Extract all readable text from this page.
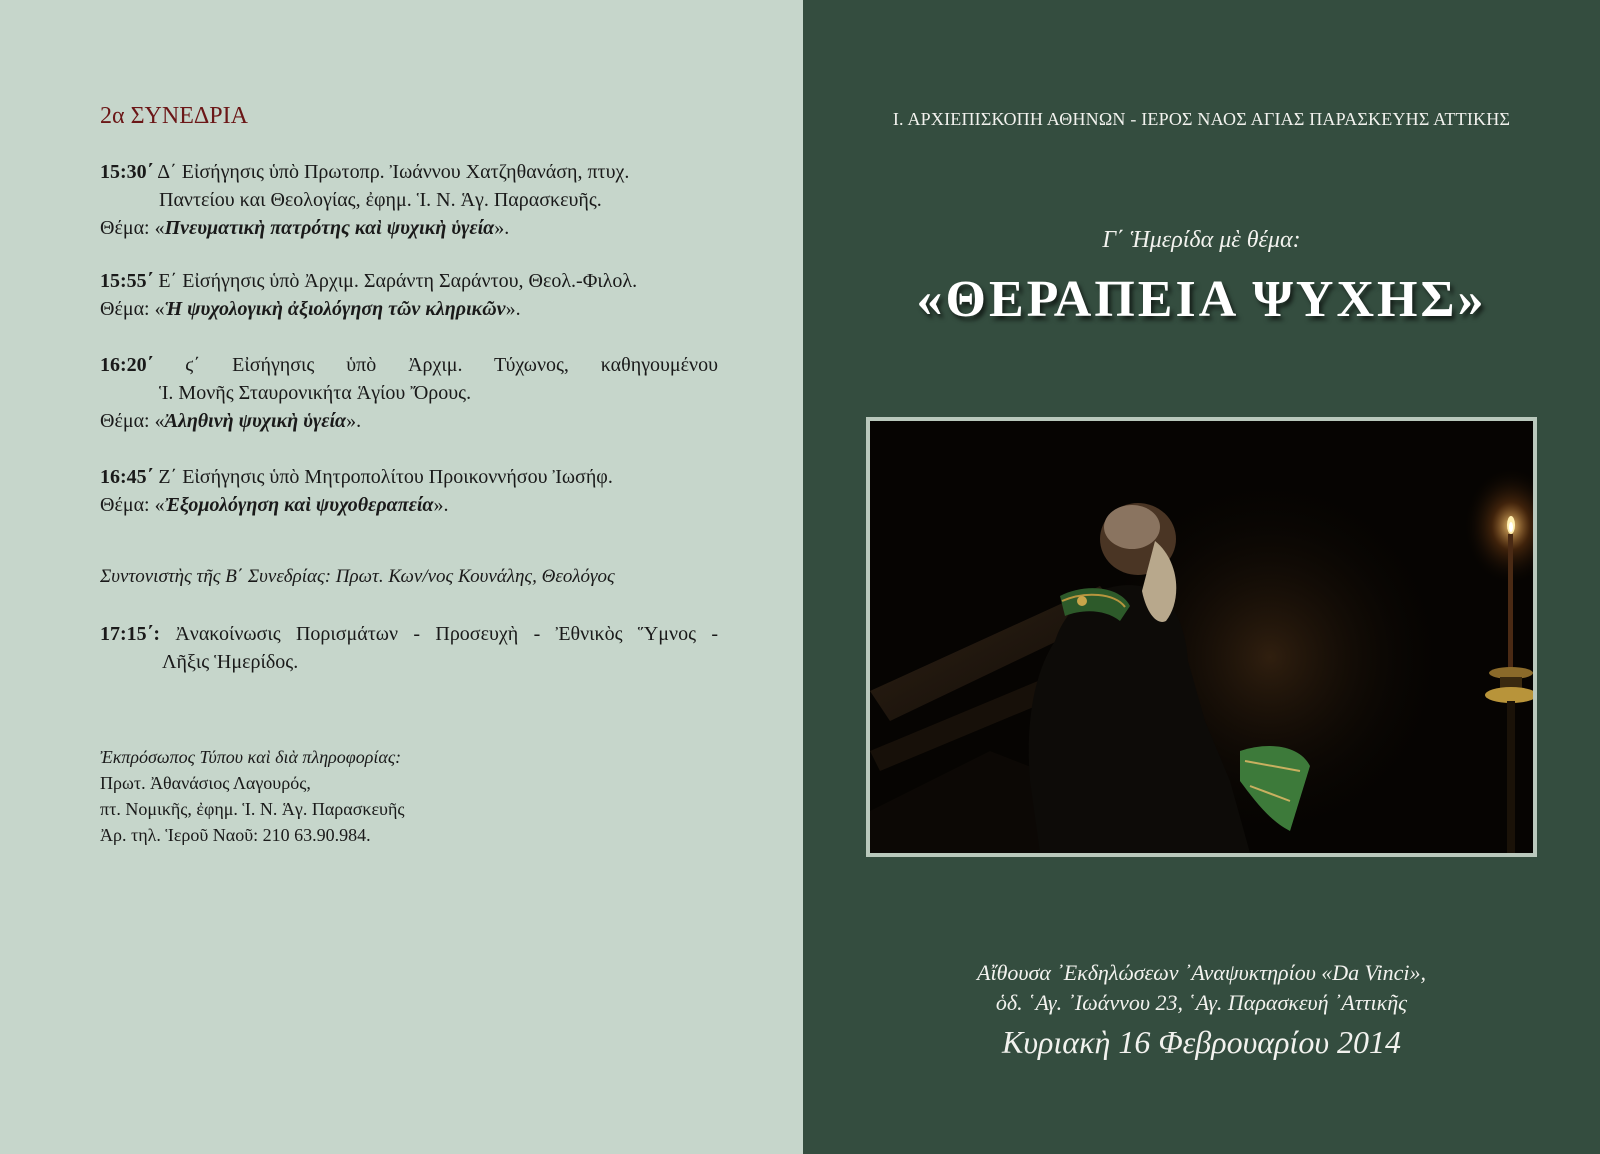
2α ΣΥΝΕΔΡΙΑ
15:30΄ Δ΄ Εἰσήγησις ὑπὸ Πρωτοπρ. Ἰωάννου Χατζηθανάση, πτυχ.
Παντείου και Θεολογίας, ἐφημ. Ἱ. Ν. Ἁγ. Παρασκευῆς.
Θέμα: «Πνευματικὴ πατρότης καὶ ψυχικὴ ὑγεία».
15:55΄ Ε΄ Εἰσήγησις ὑπὸ Ἀρχιμ. Σαράντη Σαράντου, Θεολ.-Φιλολ.
Θέμα: «Ἡ ψυχολογικὴ ἀξιολόγηση τῶν κληρικῶν».
16:20΄ ϛ΄ Εἰσήγησις ὑπὸ Ἀρχιμ. Τύχωνος, καθηγουμένου
Ἱ. Μονῆς Σταυρονικήτα Ἁγίου Ὄρους.
Θέμα: «Ἀληθινὴ ψυχικὴ ὑγεία».
16:45΄ Ζ΄ Εἰσήγησις ὑπὸ Μητροπολίτου Προικοννήσου Ἰωσήφ.
Θέμα: «Ἐξομολόγηση καὶ ψυχοθεραπεία».
Συντονιστὴς τῆς Β΄ Συνεδρίας: Πρωτ. Κων/νος Κουνάλης, Θεολόγος
17:15΄: Ἀνακοίνωσις Πορισμάτων - Προσευχὴ - Ἐθνικὸς Ὕμνος -
Λῆξις Ἡμερίδος.
Ἐκπρόσωπος Τύπου καὶ διὰ πληροφορίας:
Πρωτ. Ἀθανάσιος Λαγουρός,
πτ. Νομικῆς, ἐφημ. Ἱ. Ν. Ἁγ. Παρασκευῆς
Ἀρ. τηλ. Ἱεροῦ Ναοῦ: 210 63.90.984.
Ι. ΑΡΧΙΕΠΙΣΚΟΠΗ ΑΘΗΝΩΝ - ΙΕΡΟΣ ΝΑΟΣ ΑΓΙΑΣ ΠΑΡΑΣΚΕΥΗΣ ΑΤΤΙΚΗΣ
Γ΄ Ἡμερίδα μὲ θέμα:
«ΘΕΡΑΠΕΙΑ ΨΥΧΗΣ»
Αἴθουσα ᾿Εκδηλώσεων ᾿Αναψυκτηρίου «Da Vinci»,
ὁδ. ῾Αγ. ᾿Ιωάννου 23, ῾Αγ. Παρασκευή ᾿Αττικῆς
Κυριακὴ 16 Φεβρουαρίου 2014
